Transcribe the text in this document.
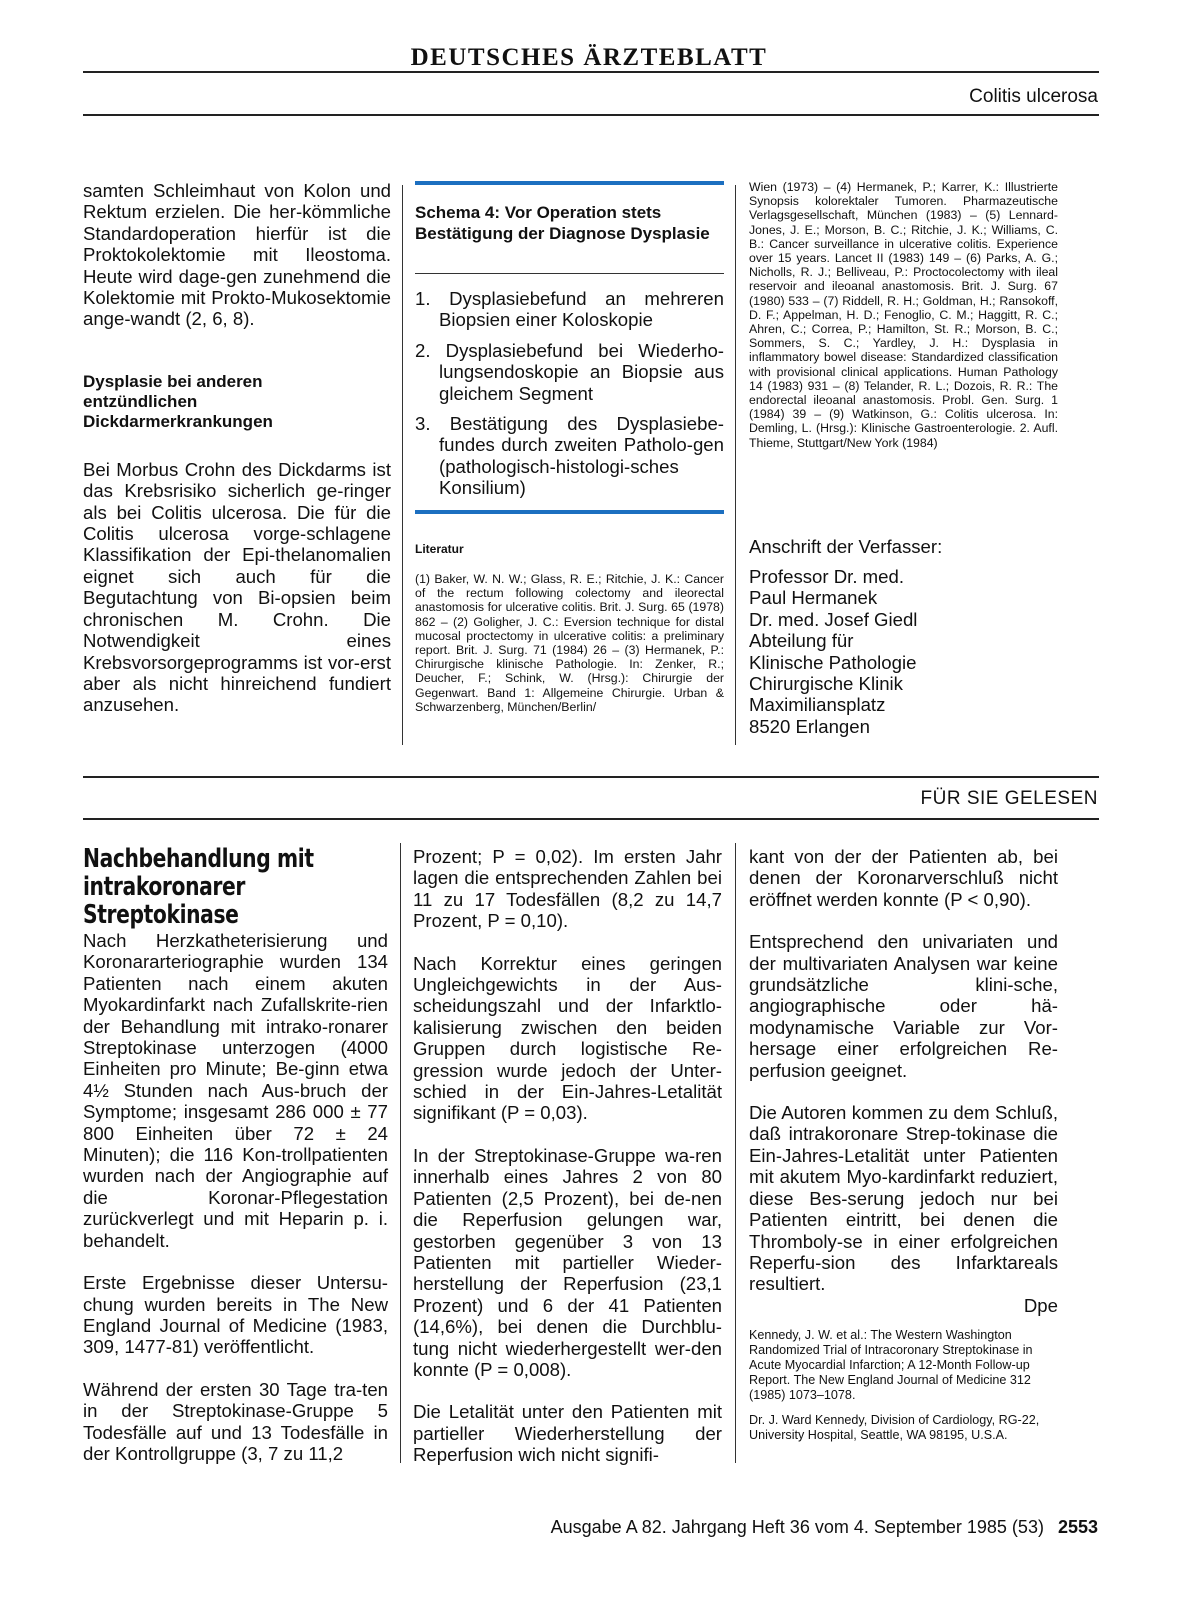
DEUTSCHES ÄRZTEBLATT
Colitis ulcerosa

samten Schleimhaut von Kolon und Rektum erzielen. Die her-kömmliche Standardoperation hierfür ist die Proktokolektomie mit Ileostoma. Heute wird dage-gen zunehmend die Kolektomie mit Prokto-Mukosektomie ange-wandt (2, 6, 8).

Dysplasie bei anderen entzündlichen Dickdarmerkrankungen

Bei Morbus Crohn des Dickdarms ist das Krebsrisiko sicherlich ge-ringer als bei Colitis ulcerosa. Die für die Colitis ulcerosa vorge-schlagene Klassifikation der Epi-thelanomalien eignet sich auch für die Begutachtung von Bi-opsien beim chronischen M. Crohn. Die Notwendigkeit eines Krebsvorsorgeprogramms ist vor-erst aber als nicht hinreichend fundiert anzusehen.

Schema 4: Vor Operation stets Bestätigung der Diagnose Dysplasie
1. Dysplasiebefund an mehreren Biopsien einer Koloskopie
2. Dysplasiebefund bei Wiederho-lungsendoskopie an Biopsie aus gleichem Segment
3. Bestätigung des Dysplasiebe-fundes durch zweiten Patholo-gen (pathologisch-histologi-sches Konsilium)
Literatur
(1) Baker, W. N. W.; Glass, R. E.; Ritchie, J. K.: Cancer of the rectum following colectomy and ileorectal anastomosis for ulcerative colitis. Brit. J. Surg. 65 (1978) 862 – (2) Goligher, J. C.: Eversion technique for distal mucosal proctectomy in ulcerative colitis: a preliminary report. Brit. J. Surg. 71 (1984) 26 – (3) Hermanek, P.: Chirurgische klinische Pathologie. In: Zenker, R.; Deucher, F.; Schink, W. (Hrsg.): Chirurgie der Gegenwart. Band 1: Allgemeine Chirurgie. Urban & Schwarzenberg, München/Berlin/
Wien (1973) – (4) Hermanek, P.; Karrer, K.: Illustrierte Synopsis kolorektaler Tumoren. Pharmazeutische Verlagsgesellschaft, München (1983) – (5) Lennard-Jones, J. E.; Morson, B. C.; Ritchie, J. K.; Williams, C. B.: Cancer surveillance in ulcerative colitis. Experience over 15 years. Lancet II (1983) 149 – (6) Parks, A. G.; Nicholls, R. J.; Belliveau, P.: Proctocolectomy with ileal reservoir and ileoanal anastomosis. Brit. J. Surg. 67 (1980) 533 – (7) Riddell, R. H.; Goldman, H.; Ransokoff, D. F.; Appelman, H. D.; Fenoglio, C. M.; Haggitt, R. C.; Ahren, C.; Correa, P.; Hamilton, St. R.; Morson, B. C.; Sommers, S. C.; Yardley, J. H.: Dysplasia in inflammatory bowel disease: Standardized classification with provisional clinical applications. Human Pathology 14 (1983) 931 – (8) Telander, R. L.; Dozois, R. R.: The endorectal ileoanal anastomosis. Probl. Gen. Surg. 1 (1984) 39 – (9) Watkinson, G.: Colitis ulcerosa. In: Demling, L. (Hrsg.): Klinische Gastroenterologie. 2. Aufl. Thieme, Stuttgart/New York (1984)
Anschrift der Verfasser:
Professor Dr. med.
Paul Hermanek
Dr. med. Josef Giedl
Abteilung für
Klinische Pathologie
Chirurgische Klinik
Maximiliansplatz
8520 Erlangen
FÜR SIE GELESEN
Nachbehandlung mit intrakoronarer Streptokinase

Nach Herzkatheterisierung und Koronararteriographie wurden 134 Patienten nach einem akuten Myokardinfarkt nach Zufallskrite-rien der Behandlung mit intrako-ronarer Streptokinase unterzogen (4000 Einheiten pro Minute; Be-ginn etwa 4½ Stunden nach Aus-bruch der Symptome; insgesamt 286 000 ± 77 800 Einheiten über 72 ± 24 Minuten); die 116 Kon-trollpatienten wurden nach der Angiographie auf die Koronar-Pflegestation zurückverlegt und mit Heparin p. i. behandelt.

Erste Ergebnisse dieser Untersu-chung wurden bereits in The New England Journal of Medicine (1983, 309, 1477-81) veröffentlicht.

Während der ersten 30 Tage tra-ten in der Streptokinase-Gruppe 5 Todesfälle auf und 13 Todesfälle in der Kontrollgruppe (3, 7 zu 11,2

Prozent; P = 0,02). Im ersten Jahr lagen die entsprechenden Zahlen bei 11 zu 17 Todesfällen (8,2 zu 14,7 Prozent, P = 0,10).

Nach Korrektur eines geringen Ungleichgewichts in der Aus-scheidungszahl und der Infarktlo-kalisierung zwischen den beiden Gruppen durch logistische Re-gression wurde jedoch der Unter-schied in der Ein-Jahres-Letalität signifikant (P = 0,03).

In der Streptokinase-Gruppe wa-ren innerhalb eines Jahres 2 von 80 Patienten (2,5 Prozent), bei de-nen die Reperfusion gelungen war, gestorben gegenüber 3 von 13 Patienten mit partieller Wieder-herstellung der Reperfusion (23,1 Prozent) und 6 der 41 Patienten (14,6%), bei denen die Durchblu-tung nicht wiederhergestellt wer-den konnte (P = 0,008).

Die Letalität unter den Patienten mit partieller Wiederherstellung der Reperfusion wich nicht signifi-

kant von der der Patienten ab, bei denen der Koronarverschluß nicht eröffnet werden konnte (P < 0,90).

Entsprechend den univariaten und der multivariaten Analysen war keine grundsätzliche klini-sche, angiographische oder hä-modynamische Variable zur Vor-hersage einer erfolgreichen Re-perfusion geeignet.

Die Autoren kommen zu dem Schluß, daß intrakoronare Strep-tokinase die Ein-Jahres-Letalität unter Patienten mit akutem Myo-kardinfarkt reduziert, diese Bes-serung jedoch nur bei Patienten eintritt, bei denen die Thromboly-se in einer erfolgreichen Reperfu-sion des Infarktareals resultiert.

Dpe

Kennedy, J. W. et al.: The Western Washington Randomized Trial of Intracoronary Streptokinase in Acute Myocardial Infarction; A 12-Month Follow-up Report. The New England Journal of Medicine 312 (1985) 1073–1078.

Dr. J. Ward Kennedy, Division of Cardiology, RG-22, University Hospital, Seattle, WA 98195, U.S.A.

Ausgabe A 82. Jahrgang Heft 36 vom 4. September 1985 (53) 2553
